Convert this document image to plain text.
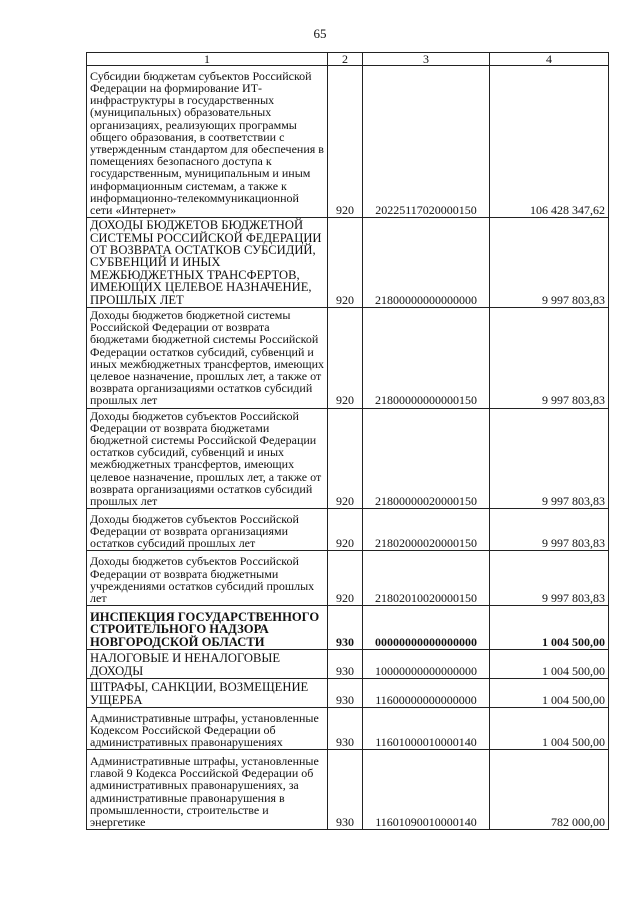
65
1	2	3	4
Субсидии бюджетам субъектов Российской Федерации на формирование ИТ-инфраструктуры в государственных (муниципальных) образовательных организациях, реализующих программы общего образования, в соответствии с утвержденным стандартом для обеспечения в помещениях безопасного доступа к государственным, муниципальным и иным информационным системам, а также к информационно-телекоммуникационной сети «Интернет»	920	20225117020000150	106 428 347,62
ДОХОДЫ БЮДЖЕТОВ БЮДЖЕТНОЙ СИСТЕМЫ РОССИЙСКОЙ ФЕДЕРАЦИИ ОТ ВОЗВРАТА ОСТАТКОВ СУБСИДИЙ, СУБВЕНЦИЙ И ИНЫХ МЕЖБЮДЖЕТНЫХ ТРАНСФЕРТОВ, ИМЕЮЩИХ ЦЕЛЕВОЕ НАЗНАЧЕНИЕ, ПРОШЛЫХ ЛЕТ	920	21800000000000000	9 997 803,83
Доходы бюджетов бюджетной системы Российской Федерации от возврата бюджетами бюджетной системы Российской Федерации остатков субсидий, субвенций и иных межбюджетных трансфертов, имеющих целевое назначение, прошлых лет, а также от возврата организациями остатков субсидий прошлых лет	920	21800000000000150	9 997 803,83
Доходы бюджетов субъектов Российской Федерации от возврата бюджетами бюджетной системы Российской Федерации остатков субсидий, субвенций и иных межбюджетных трансфертов, имеющих целевое назначение, прошлых лет, а также от возврата организациями остатков субсидий прошлых лет	920	21800000020000150	9 997 803,83
Доходы бюджетов субъектов Российской Федерации от возврата организациями остатков субсидий прошлых лет	920	21802000020000150	9 997 803,83
Доходы бюджетов субъектов Российской Федерации от возврата бюджетными учреждениями остатков субсидий прошлых лет	920	21802010020000150	9 997 803,83
ИНСПЕКЦИЯ ГОСУДАРСТВЕННОГО СТРОИТЕЛЬНОГО НАДЗОРА НОВГОРОДСКОЙ ОБЛАСТИ	930	00000000000000000	1 004 500,00
НАЛОГОВЫЕ И НЕНАЛОГОВЫЕ ДОХОДЫ	930	10000000000000000	1 004 500,00
ШТРАФЫ, САНКЦИИ, ВОЗМЕЩЕНИЕ УЩЕРБА	930	11600000000000000	1 004 500,00
Административные штрафы, установленные Кодексом Российской Федерации об административных правонарушениях	930	11601000010000140	1 004 500,00
Административные штрафы, установленные главой 9 Кодекса Российской Федерации об административных правонарушениях, за административные правонарушения в промышленности, строительстве и энергетике	930	11601090010000140	782 000,00
